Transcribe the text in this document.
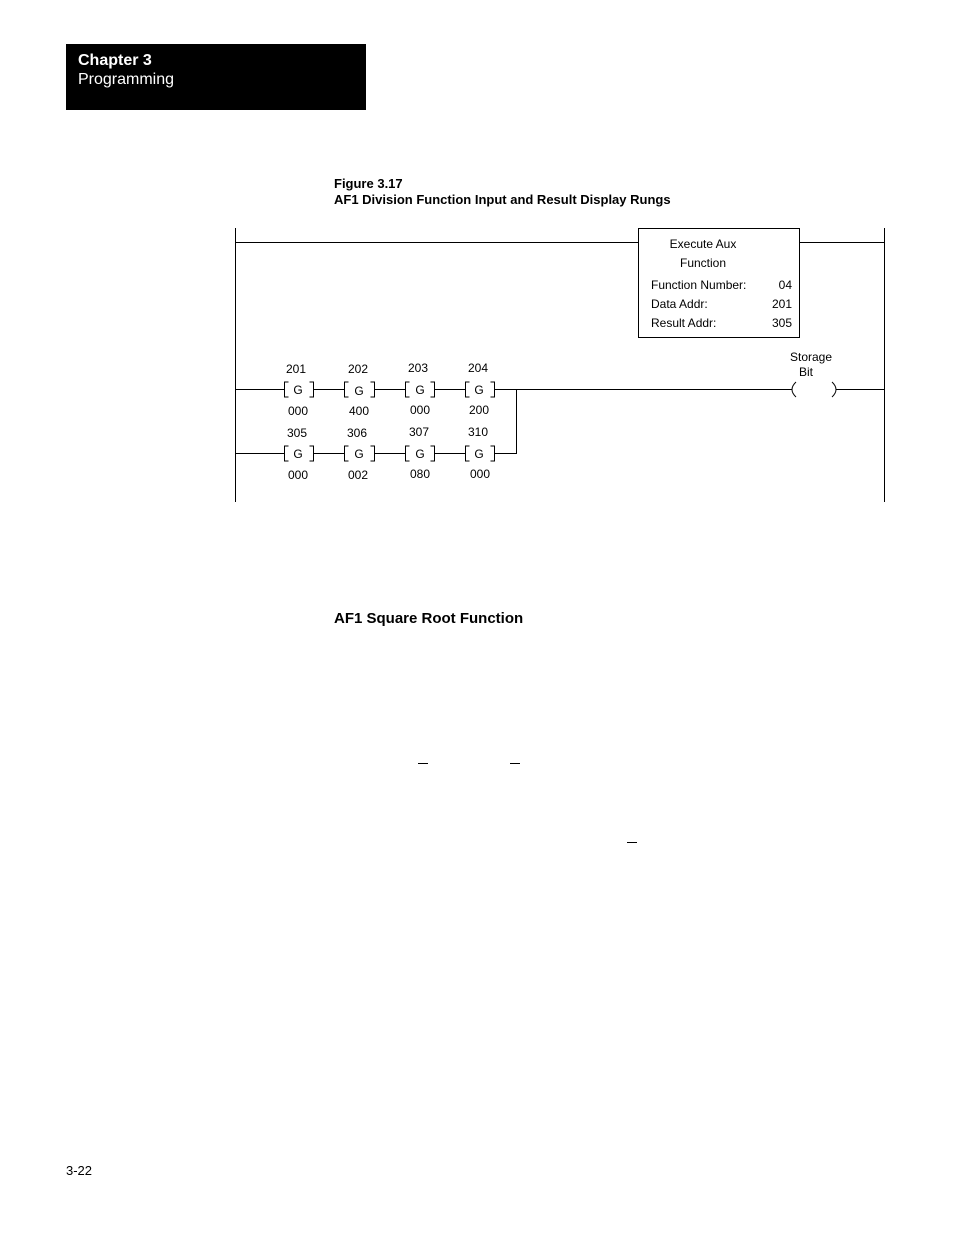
Chapter 3
Programming
Figure 3.17
AF1 Division Function Input and Result Display Rungs
Execute Aux
Function
Function Number:	04
Data Addr:	201
Result Addr:	305
201
G
000
202
G
400
203
G
000
204
G
200
305
G
000
306
G
002
307
G
080
310
G
000
Storage
Bit
AF1 Square Root Function
3-22
